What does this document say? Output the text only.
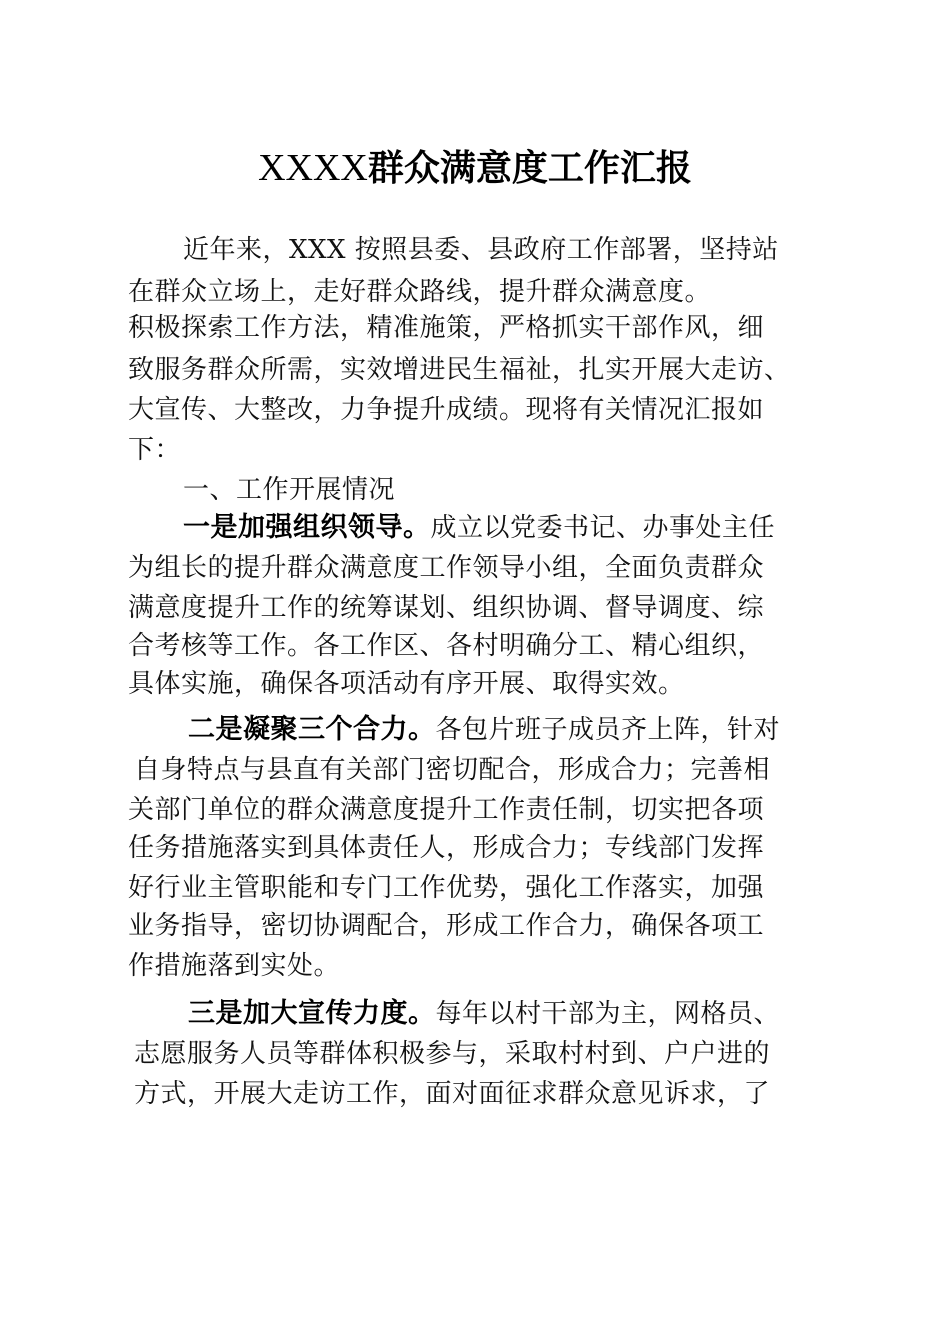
XXXX群众满意度工作汇报
近年来，XXX 按照县委、县政府工作部署，坚持站
在群众立场上，走好群众路线，提升群众满意度。
积极探索工作方法，精准施策，严格抓实干部作风，细
致服务群众所需，实效增进民生福祉，扎实开展大走访、
大宣传、大整改，力争提升成绩。现将有关情况汇报如
下：
一、工作开展情况
一是加强组织领导。成立以党委书记、办事处主任
为组长的提升群众满意度工作领导小组，全面负责群众
满意度提升工作的统筹谋划、组织协调、督导调度、综
合考核等工作。各工作区、各村明确分工、精心组织，
具体实施，确保各项活动有序开展、取得实效。
二是凝聚三个合力。各包片班子成员齐上阵，针对
自身特点与县直有关部门密切配合，形成合力；完善相
关部门单位的群众满意度提升工作责任制，切实把各项
任务措施落实到具体责任人，形成合力；专线部门发挥
好行业主管职能和专门工作优势，强化工作落实，加强
业务指导，密切协调配合，形成工作合力，确保各项工
作措施落到实处。
三是加大宣传力度。每年以村干部为主，网格员、
志愿服务人员等群体积极参与，采取村村到、户户进的
方式，开展大走访工作，面对面征求群众意见诉求，了
